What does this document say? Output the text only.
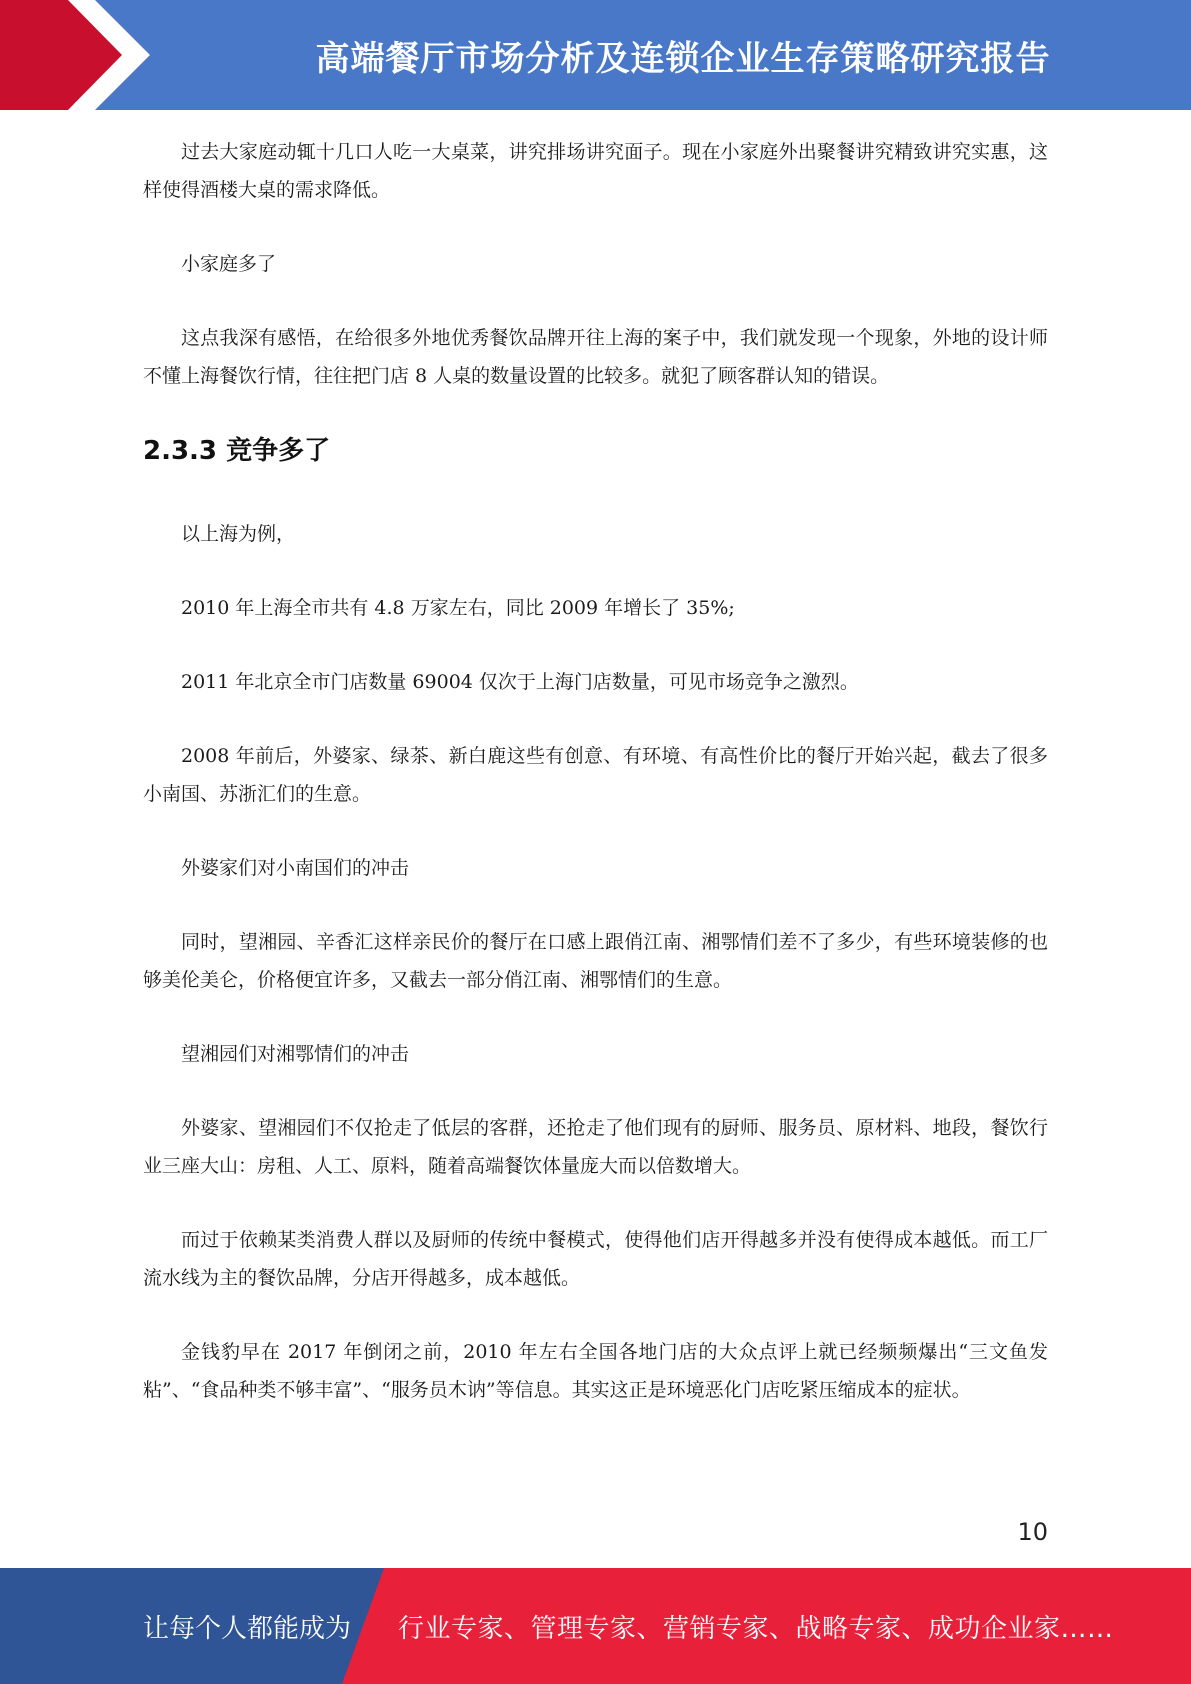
高端餐厅市场分析及连锁企业生存策略研究报告

过去大家庭动辄十几口人吃一大桌菜，讲究排场讲究面子。现在小家庭外出聚餐讲究精致讲究实惠，这样使得酒楼大桌的需求降低。

小家庭多了

这点我深有感悟，在给很多外地优秀餐饮品牌开往上海的案子中，我们就发现一个现象，外地的设计师不懂上海餐饮行情，往往把门店 8 人桌的数量设置的比较多。就犯了顾客群认知的错误。

2.3.3 竞争多了

以上海为例，

2010 年上海全市共有 4.8 万家左右，同比 2009 年增长了 35%;

2011 年北京全市门店数量 69004 仅次于上海门店数量，可见市场竞争之激烈。

2008 年前后，外婆家、绿茶、新白鹿这些有创意、有环境、有高性价比的餐厅开始兴起，截去了很多小南国、苏浙汇们的生意。

外婆家们对小南国们的冲击

同时，望湘园、辛香汇这样亲民价的餐厅在口感上跟俏江南、湘鄂情们差不了多少，有些环境装修的也够美伦美仑，价格便宜许多，又截去一部分俏江南、湘鄂情们的生意。

望湘园们对湘鄂情们的冲击

外婆家、望湘园们不仅抢走了低层的客群，还抢走了他们现有的厨师、服务员、原材料、地段，餐饮行业三座大山：房租、人工、原料，随着高端餐饮体量庞大而以倍数增大。

而过于依赖某类消费人群以及厨师的传统中餐模式，使得他们店开得越多并没有使得成本越低。而工厂流水线为主的餐饮品牌，分店开得越多，成本越低。

金钱豹早在 2017 年倒闭之前，2010 年左右全国各地门店的大众点评上就已经频频爆出“三文鱼发粘”、“食品种类不够丰富”、“服务员木讷”等信息。其实这正是环境恶化门店吃紧压缩成本的症状。

10
让每个人都能成为 行业专家、管理专家、营销专家、战略专家、成功企业家……
